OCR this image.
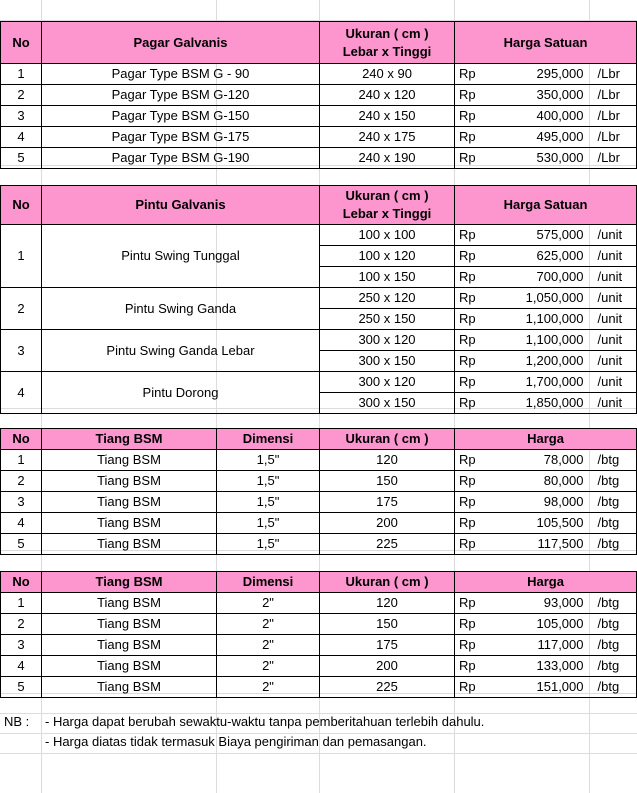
No	Pagar Galvanis	Ukuran ( cm )
Lebar x Tinggi	Harga Satuan		
1	Pagar Type BSM G - 90	240 x 90	Rp	295,000	/Lbr
2	Pagar Type BSM G-120	240 x 120	Rp	350,000	/Lbr
3	Pagar Type BSM G-150	240 x 150	Rp	400,000	/Lbr
4	Pagar Type BSM G-175	240 x 175	Rp	495,000	/Lbr
5	Pagar Type BSM G-190	240 x 190	Rp	530,000	/Lbr
No	Pintu Galvanis	Ukuran ( cm )
Lebar x Tinggi	Harga Satuan		
1	Pintu Swing Tunggal	100 x 100	Rp	575,000	/unit
		100 x 120	Rp	625,000	/unit
		100 x 150	Rp	700,000	/unit
2	Pintu Swing Ganda	250 x 120	Rp	1,050,000	/unit
		250 x 150	Rp	1,100,000	/unit
3	Pintu Swing Ganda Lebar	300 x 120	Rp	1,100,000	/unit
		300 x 150	Rp	1,200,000	/unit
4	Pintu Dorong	300 x 120	Rp	1,700,000	/unit
		300 x 150	Rp	1,850,000	/unit
No	Tiang BSM	Dimensi	Ukuran ( cm )	Harga		
1	Tiang BSM	1,5"	120	Rp	78,000	/btg
2	Tiang BSM	1,5"	150	Rp	80,000	/btg
3	Tiang BSM	1,5"	175	Rp	98,000	/btg
4	Tiang BSM	1,5"	200	Rp	105,500	/btg
5	Tiang BSM	1,5"	225	Rp	117,500	/btg
No	Tiang BSM	Dimensi	Ukuran ( cm )	Harga		
1	Tiang BSM	2"	120	Rp	93,000	/btg
2	Tiang BSM	2"	150	Rp	105,000	/btg
3	Tiang BSM	2"	175	Rp	117,000	/btg
4	Tiang BSM	2"	200	Rp	133,000	/btg
5	Tiang BSM	2"	225	Rp	151,000	/btg
NB : - Harga dapat berubah sewaktu-waktu tanpa pemberitahuan terlebih dahulu.
- Harga diatas tidak termasuk Biaya pengiriman dan pemasangan.
